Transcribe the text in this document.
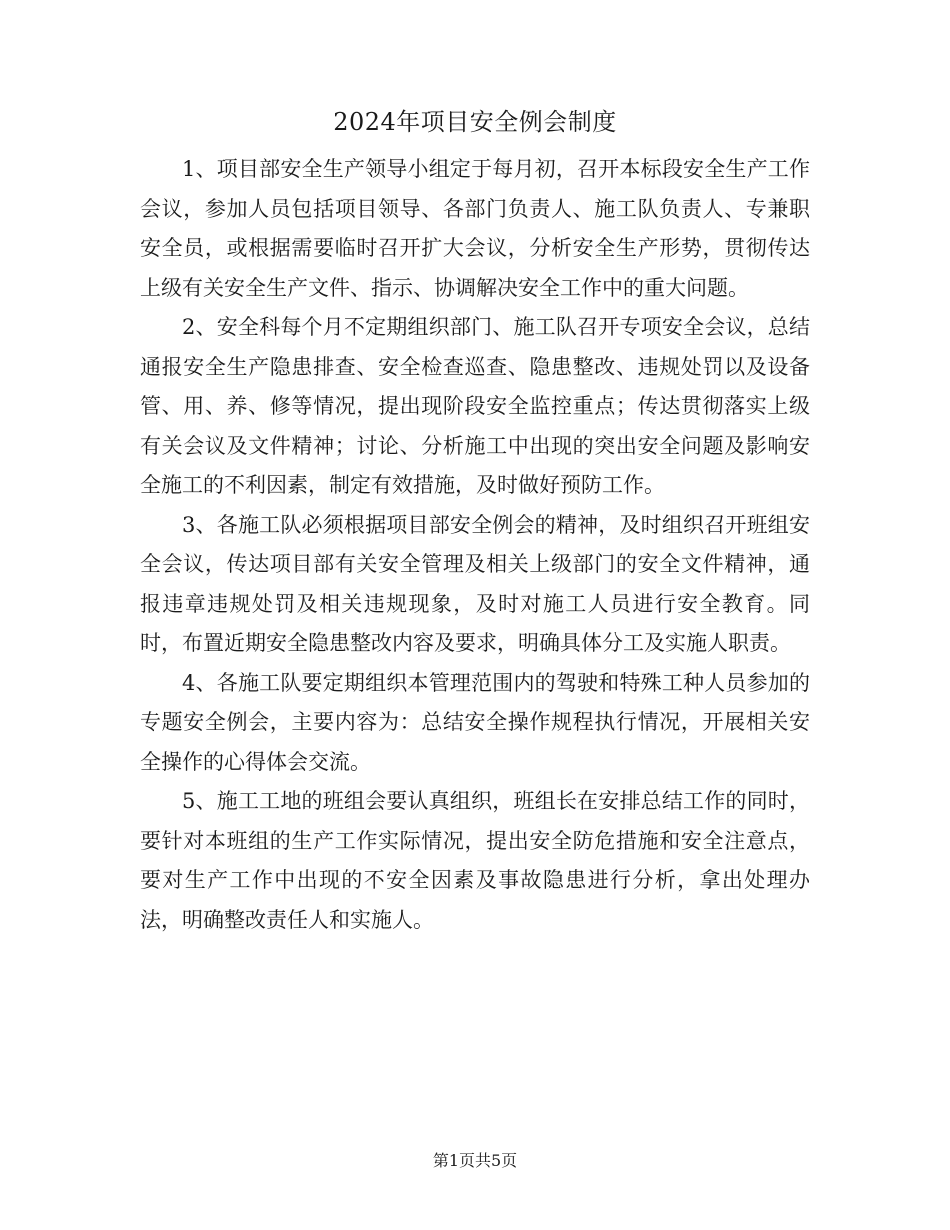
2024年项目安全例会制度

1、项目部安全生产领导小组定于每月初，召开本标段安全生产工作会议，参加人员包括项目领导、各部门负责人、施工队负责人、专兼职安全员，或根据需要临时召开扩大会议，分析安全生产形势，贯彻传达上级有关安全生产文件、指示、协调解决安全工作中的重大问题。

2、安全科每个月不定期组织部门、施工队召开专项安全会议，总结通报安全生产隐患排查、安全检查巡查、隐患整改、违规处罚以及设备管、用、养、修等情况，提出现阶段安全监控重点；传达贯彻落实上级有关会议及文件精神；讨论、分析施工中出现的突出安全问题及影响安全施工的不利因素，制定有效措施，及时做好预防工作。

3、各施工队必须根据项目部安全例会的精神，及时组织召开班组安全会议，传达项目部有关安全管理及相关上级部门的安全文件精神，通报违章违规处罚及相关违规现象，及时对施工人员进行安全教育。同时，布置近期安全隐患整改内容及要求，明确具体分工及实施人职责。

4、各施工队要定期组织本管理范围内的驾驶和特殊工种人员参加的专题安全例会，主要内容为：总结安全操作规程执行情况，开展相关安全操作的心得体会交流。

5、施工工地的班组会要认真组织，班组长在安排总结工作的同时，要针对本班组的生产工作实际情况，提出安全防危措施和安全注意点，要对生产工作中出现的不安全因素及事故隐患进行分析，拿出处理办法，明确整改责任人和实施人。

第1页共5页
